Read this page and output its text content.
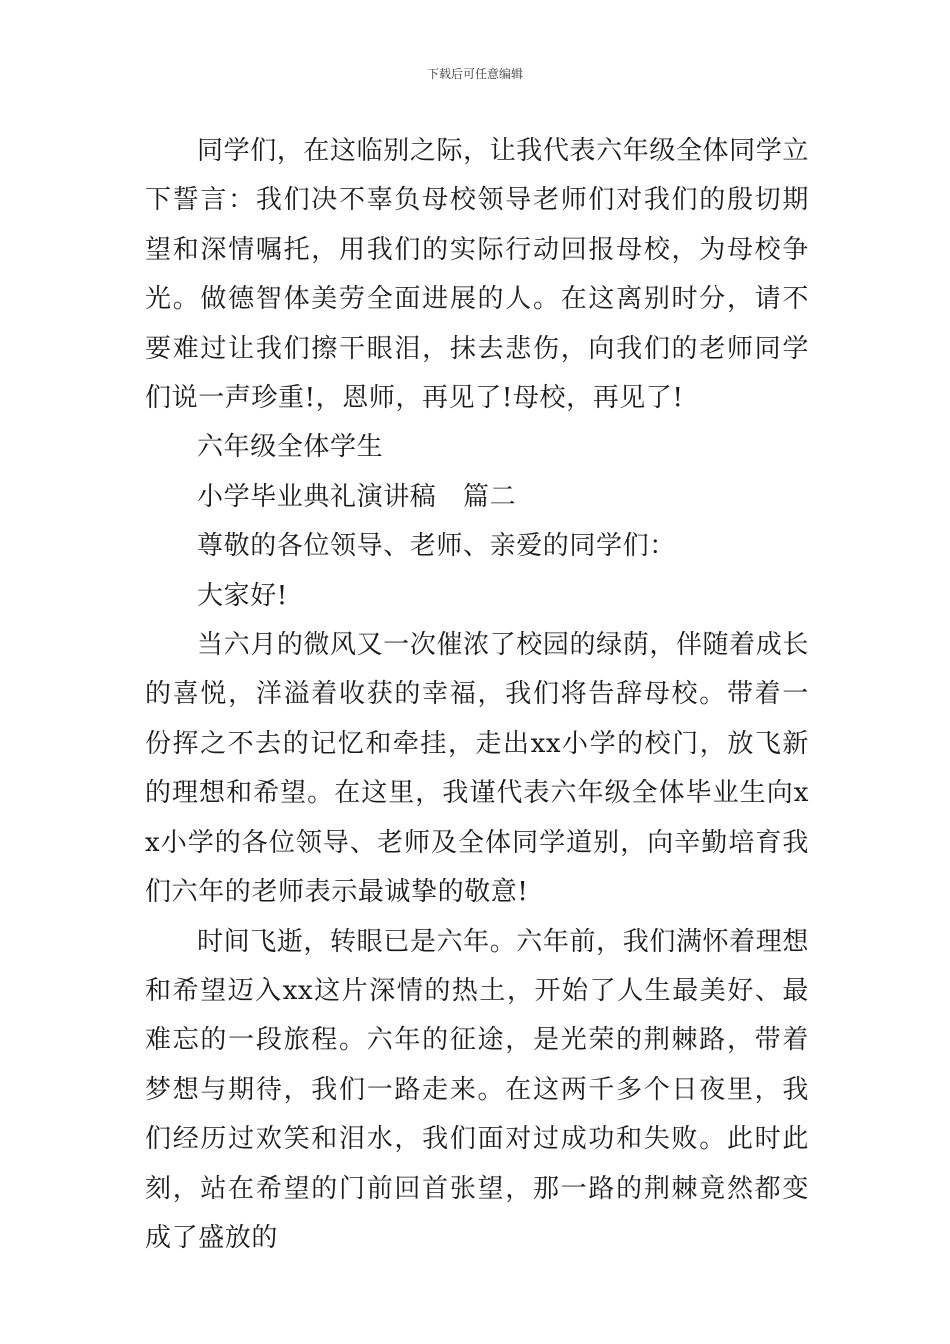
下载后可任意编辑

同学们，在这临别之际，让我代表六年级全体同学立下誓言：我们决不辜负母校领导老师们对我们的殷切期望和深情嘱托，用我们的实际行动回报母校，为母校争光。做德智体美劳全面进展的人。在这离别时分，请不要难过让我们擦干眼泪，抹去悲伤，向我们的老师同学们说一声珍重!，恩师，再见了!母校，再见了!

六年级全体学生

小学毕业典礼演讲稿　篇二

尊敬的各位领导、老师、亲爱的同学们：

大家好!

当六月的微风又一次催浓了校园的绿荫，伴随着成长的喜悦，洋溢着收获的幸福，我们将告辞母校。带着一份挥之不去的记忆和牵挂，走出xx小学的校门，放飞新的理想和希望。在这里，我谨代表六年级全体毕业生向xx小学的各位领导、老师及全体同学道别，向辛勤培育我们六年的老师表示最诚挚的敬意!

时间飞逝，转眼已是六年。六年前，我们满怀着理想和希望迈入xx这片深情的热土，开始了人生最美好、最难忘的一段旅程。六年的征途，是光荣的荆棘路，带着梦想与期待，我们一路走来。在这两千多个日夜里，我们经历过欢笑和泪水，我们面对过成功和失败。此时此刻，站在希望的门前回首张望，那一路的荆棘竟然都变成了盛放的
